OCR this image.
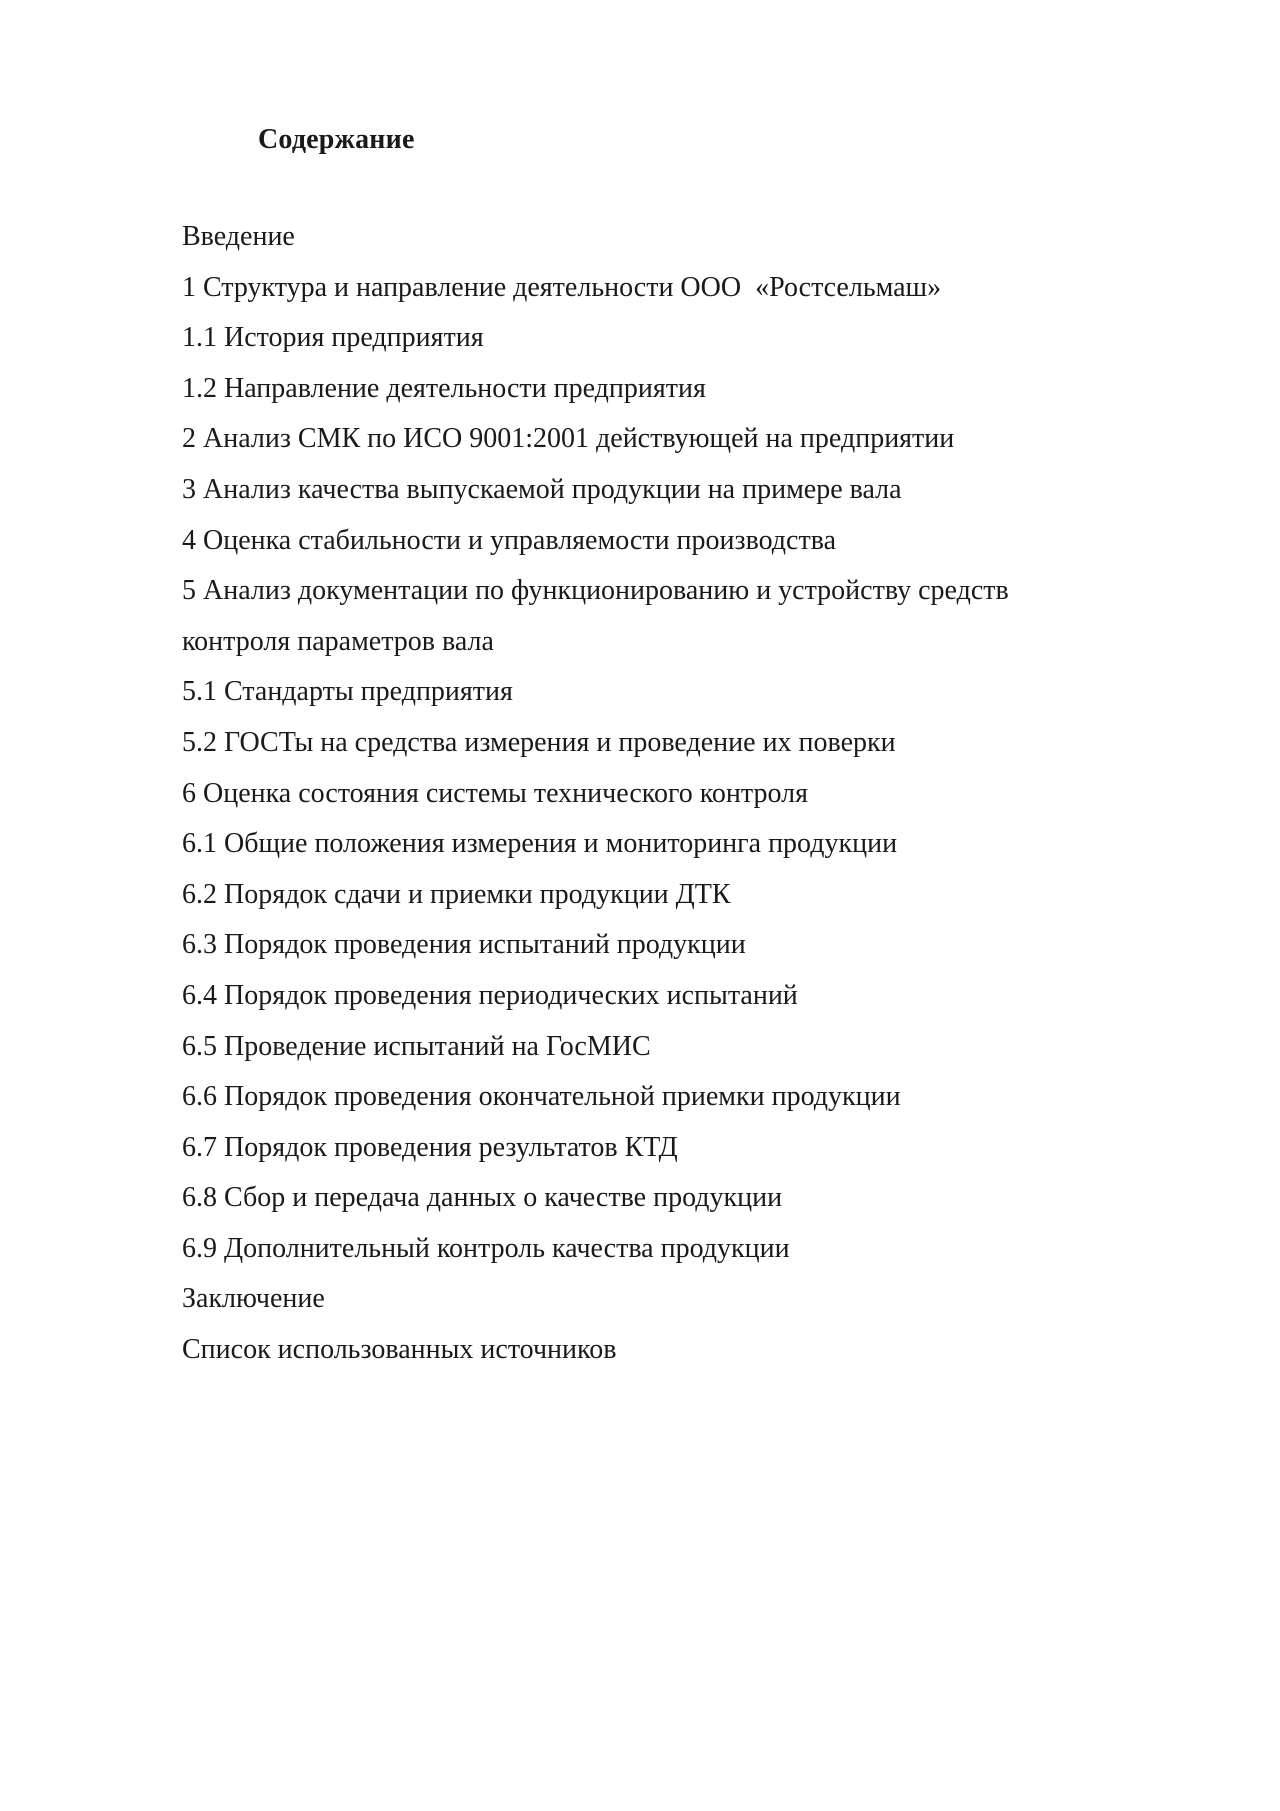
Содержание
Введение
1 Структура и направление деятельности ООО  «Ростсельмаш»
1.1 История предприятия
1.2 Направление деятельности предприятия
2 Анализ СМК по ИСО 9001:2001 действующей на предприятии
3 Анализ качества выпускаемой продукции на примере вала
4 Оценка стабильности и управляемости производства
5 Анализ документации по функционированию и устройству средств контроля параметров вала
5.1 Стандарты предприятия
5.2 ГОСТы на средства измерения и проведение их поверки
6 Оценка состояния системы технического контроля
6.1 Общие положения измерения и мониторинга продукции
6.2 Порядок сдачи и приемки продукции ДТК
6.3 Порядок проведения испытаний продукции
6.4 Порядок проведения периодических испытаний
6.5 Проведение испытаний на ГосМИС
6.6 Порядок проведения окончательной приемки продукции
6.7 Порядок проведения результатов КТД
6.8 Сбор и передача данных о качестве продукции
6.9 Дополнительный контроль качества продукции
Заключение
Список использованных источников
